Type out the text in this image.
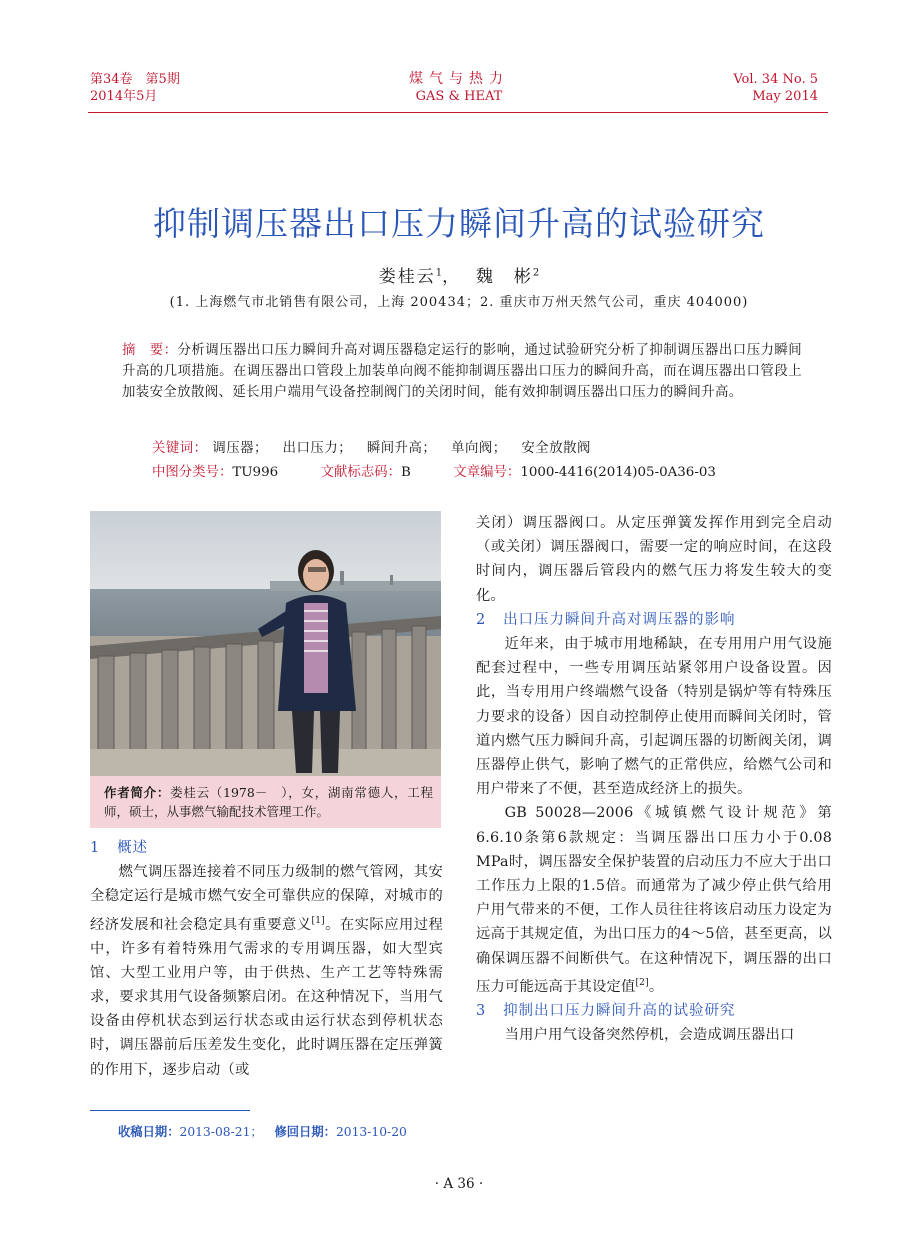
第34卷　第5期
2014年5月
煤气与热力
GAS & HEAT
Vol. 34 No. 5
May 2014
抑制调压器出口压力瞬间升高的试验研究
娄桂云$^1$，  魏　彬$^2$
(1. 上海燃气市北销售有限公司，上海 200434；2. 重庆市万州天然气公司，重庆 404000)
摘　要：分析调压器出口压力瞬间升高对调压器稳定运行的影响，通过试验研究分析了抑制调压器出口压力瞬间升高的几项措施。在调压器出口管段上加装单向阀不能抑制调压器出口压力的瞬间升高，而在调压器出口管段上加装安全放散阀、延长用户端用气设备控制阀门的关闭时间，能有效抑制调压器出口压力的瞬间升高。
关键词： 调压器； 出口压力； 瞬间升高； 单向阀； 安全放散阀
中图分类号：TU996	文献标志码：B	文章编号：1000-4416(2014)05-0A36-03
作者简介：娄桂云（1978－　），女，湖南常德人，工程师，硕士，从事燃气输配技术管理工作。
1 概述

燃气调压器连接着不同压力级制的燃气管网，其安全稳定运行是城市燃气安全可靠供应的保障，对城市的经济发展和社会稳定具有重要意义[1]。在实际应用过程中，许多有着特殊用气需求的专用调压器，如大型宾馆、大型工业用户等，由于供热、生产工艺等特殊需求，要求其用气设备频繁启闭。在这种情况下，当用气设备由停机状态到运行状态或由运行状态到停机状态时，调压器前后压差发生变化，此时调压器在定压弹簧的作用下，逐步启动（或

关闭）调压器阀口。从定压弹簧发挥作用到完全启动（或关闭）调压器阀口，需要一定的响应时间，在这段时间内，调压器后管段内的燃气压力将发生较大的变化。

2 出口压力瞬间升高对调压器的影响

近年来，由于城市用地稀缺，在专用用户用气设施配套过程中，一些专用调压站紧邻用户设备设置。因此，当专用用户终端燃气设备（特别是锅炉等有特殊压力要求的设备）因自动控制停止使用而瞬间关闭时，管道内燃气压力瞬间升高，引起调压器的切断阀关闭，调压器停止供气，影响了燃气的正常供应，给燃气公司和用户带来了不便，甚至造成经济上的损失。

GB 50028—2006《城镇燃气设计规范》第6.6.10条第6款规定：当调压器出口压力小于0.08 MPa时，调压器安全保护装置的启动压力不应大于出口工作压力上限的1.5倍。而通常为了减少停止供气给用户用气带来的不便，工作人员往往将该启动压力设定为远高于其规定值，为出口压力的4～5倍，甚至更高，以确保调压器不间断供气。在这种情况下，调压器的出口压力可能远高于其设定值[2]。

3 抑制出口压力瞬间升高的试验研究

当用户用气设备突然停机，会造成调压器出口

收稿日期：2013-08-21； 修回日期：2013-10-20
· A 36 ·
